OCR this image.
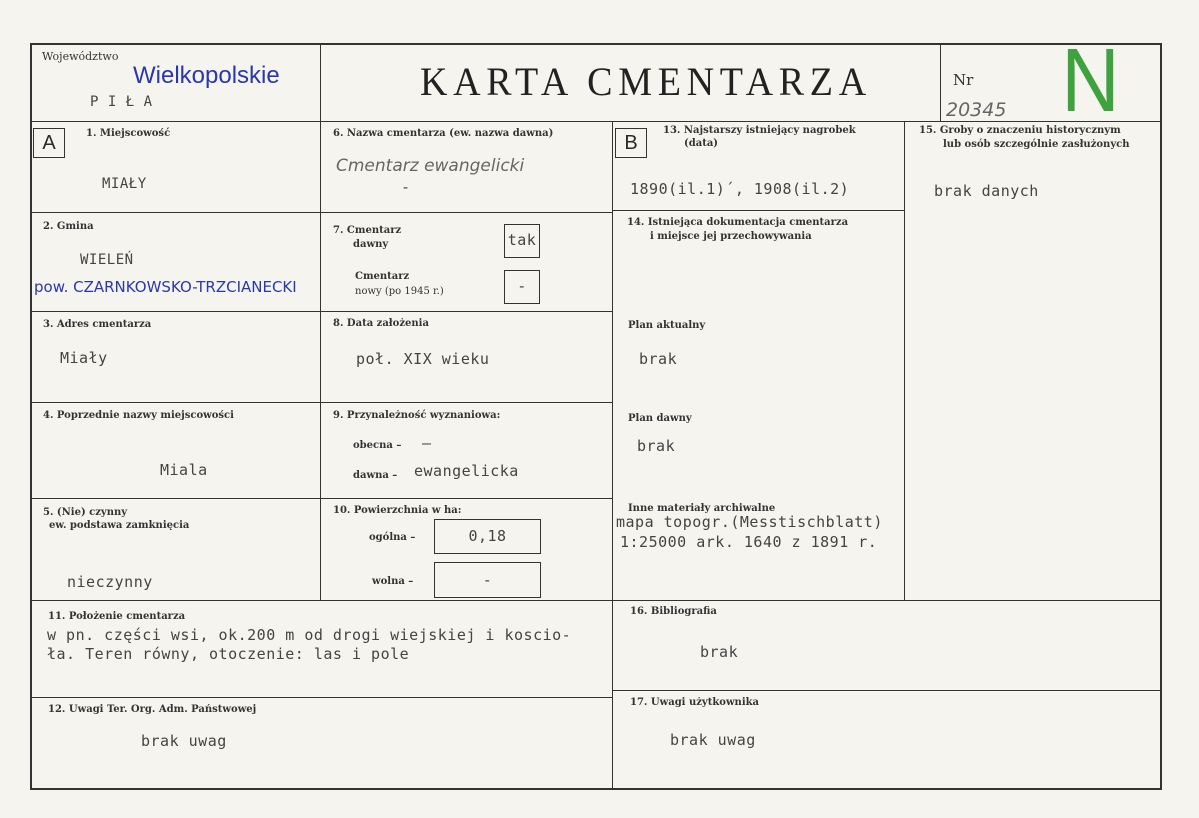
Województwo
Wielkopolskie
P I Ł A	KARTA CMENTARZA	Nr
20345 N
A	B
1. Miejscowość
MIAŁY
2. Gmina
WIELEŃ
pow. CZARNKOWSKO-TRZCIANECKI
3. Adres cmentarza
Miały
4. Poprzednie nazwy miejscowości
Miala
5. (Nie) czynny
ew. podstawa zamknięcia
nieczynny
6. Nazwa cmentarza (ew. nazwa dawna)
Cmentarz ewangelicki
-
7. Cmentarz
dawny	tak
Cmentarz
nowy (po 1945 r.)	-
8. Data założenia
poł. XIX wieku
9. Przynależność wyznaniowa:
obecna – –
dawna – ewangelicka
10. Powierzchnia w ha:
ogólna –	0,18
wolna –	-
11. Położenie cmentarza
w pn. części wsi, ok.200 m od drogi wiejskiej i koscio-
ła. Teren równy, otoczenie: las i pole
12. Uwagi Ter. Org. Adm. Państwowej
brak uwag
13. Najstarszy istniejący nagrobek
(data)
1890(il.1)´, 1908(il.2)
14. Istniejąca dokumentacja cmentarza
i miejsce jej przechowywania
Plan aktualny
brak
Plan dawny
brak
Inne materiały archiwalne
mapa topogr.(Messtischblatt)
1:25000 ark. 1640 z 1891 r.
15. Groby o znaczeniu historycznym
lub osób szczególnie zasłużonych
brak danych
16. Bibliografia
brak
17. Uwagi użytkownika
brak uwag
